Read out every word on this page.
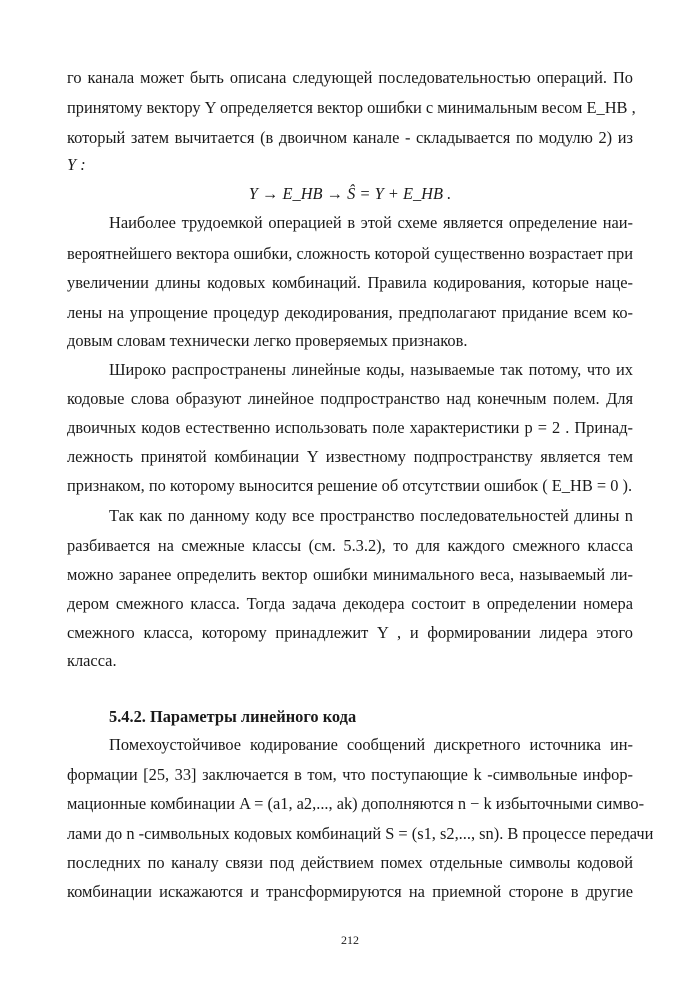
го канала может быть описана следующей последовательностью операций. По
принятому вектору Y определяется вектор ошибки с минимальным весом E_HB ,
который затем вычитается (в двоичном канале - складывается по модулю 2) из
Y :
Y → E_HB → Ŝ = Y + E_HB .
Наиболее трудоемкой операцией в этой схеме является определение наи-
вероятнейшего вектора ошибки, сложность которой существенно возрастает при
увеличении длины кодовых комбинаций. Правила кодирования, которые наце-
лены на упрощение процедур декодирования, предполагают придание всем ко-
довым словам технически легко проверяемых признаков.
Широко распространены линейные коды, называемые так потому, что их
кодовые слова образуют линейное подпространство над конечным полем. Для
двоичных кодов естественно использовать поле характеристики p = 2 . Принад-
лежность принятой комбинации Y известному подпространству является тем
признаком, по которому выносится решение об отсутствии ошибок ( E_HB = 0 ).
Так как по данному коду все пространство последовательностей длины n
разбивается на смежные классы (см. 5.3.2), то для каждого смежного класса
можно заранее определить вектор ошибки минимального веса, называемый ли-
дером смежного класса. Тогда задача декодера состоит в определении номера
смежного класса, которому принадлежит Y , и формировании лидера этого
класса.
5.4.2. Параметры линейного кода
Помехоустойчивое кодирование сообщений дискретного источника ин-
формации [25, 33] заключается в том, что поступающие k -символьные инфор-
мационные комбинации A = (a1, a2,..., ak) дополняются n − k избыточными симво-
лами до n -символьных кодовых комбинаций S = (s1, s2,..., sn). В процессе передачи
последних по каналу связи под действием помех отдельные символы кодовой
комбинации искажаются и трансформируются на приемной стороне в другие
212
